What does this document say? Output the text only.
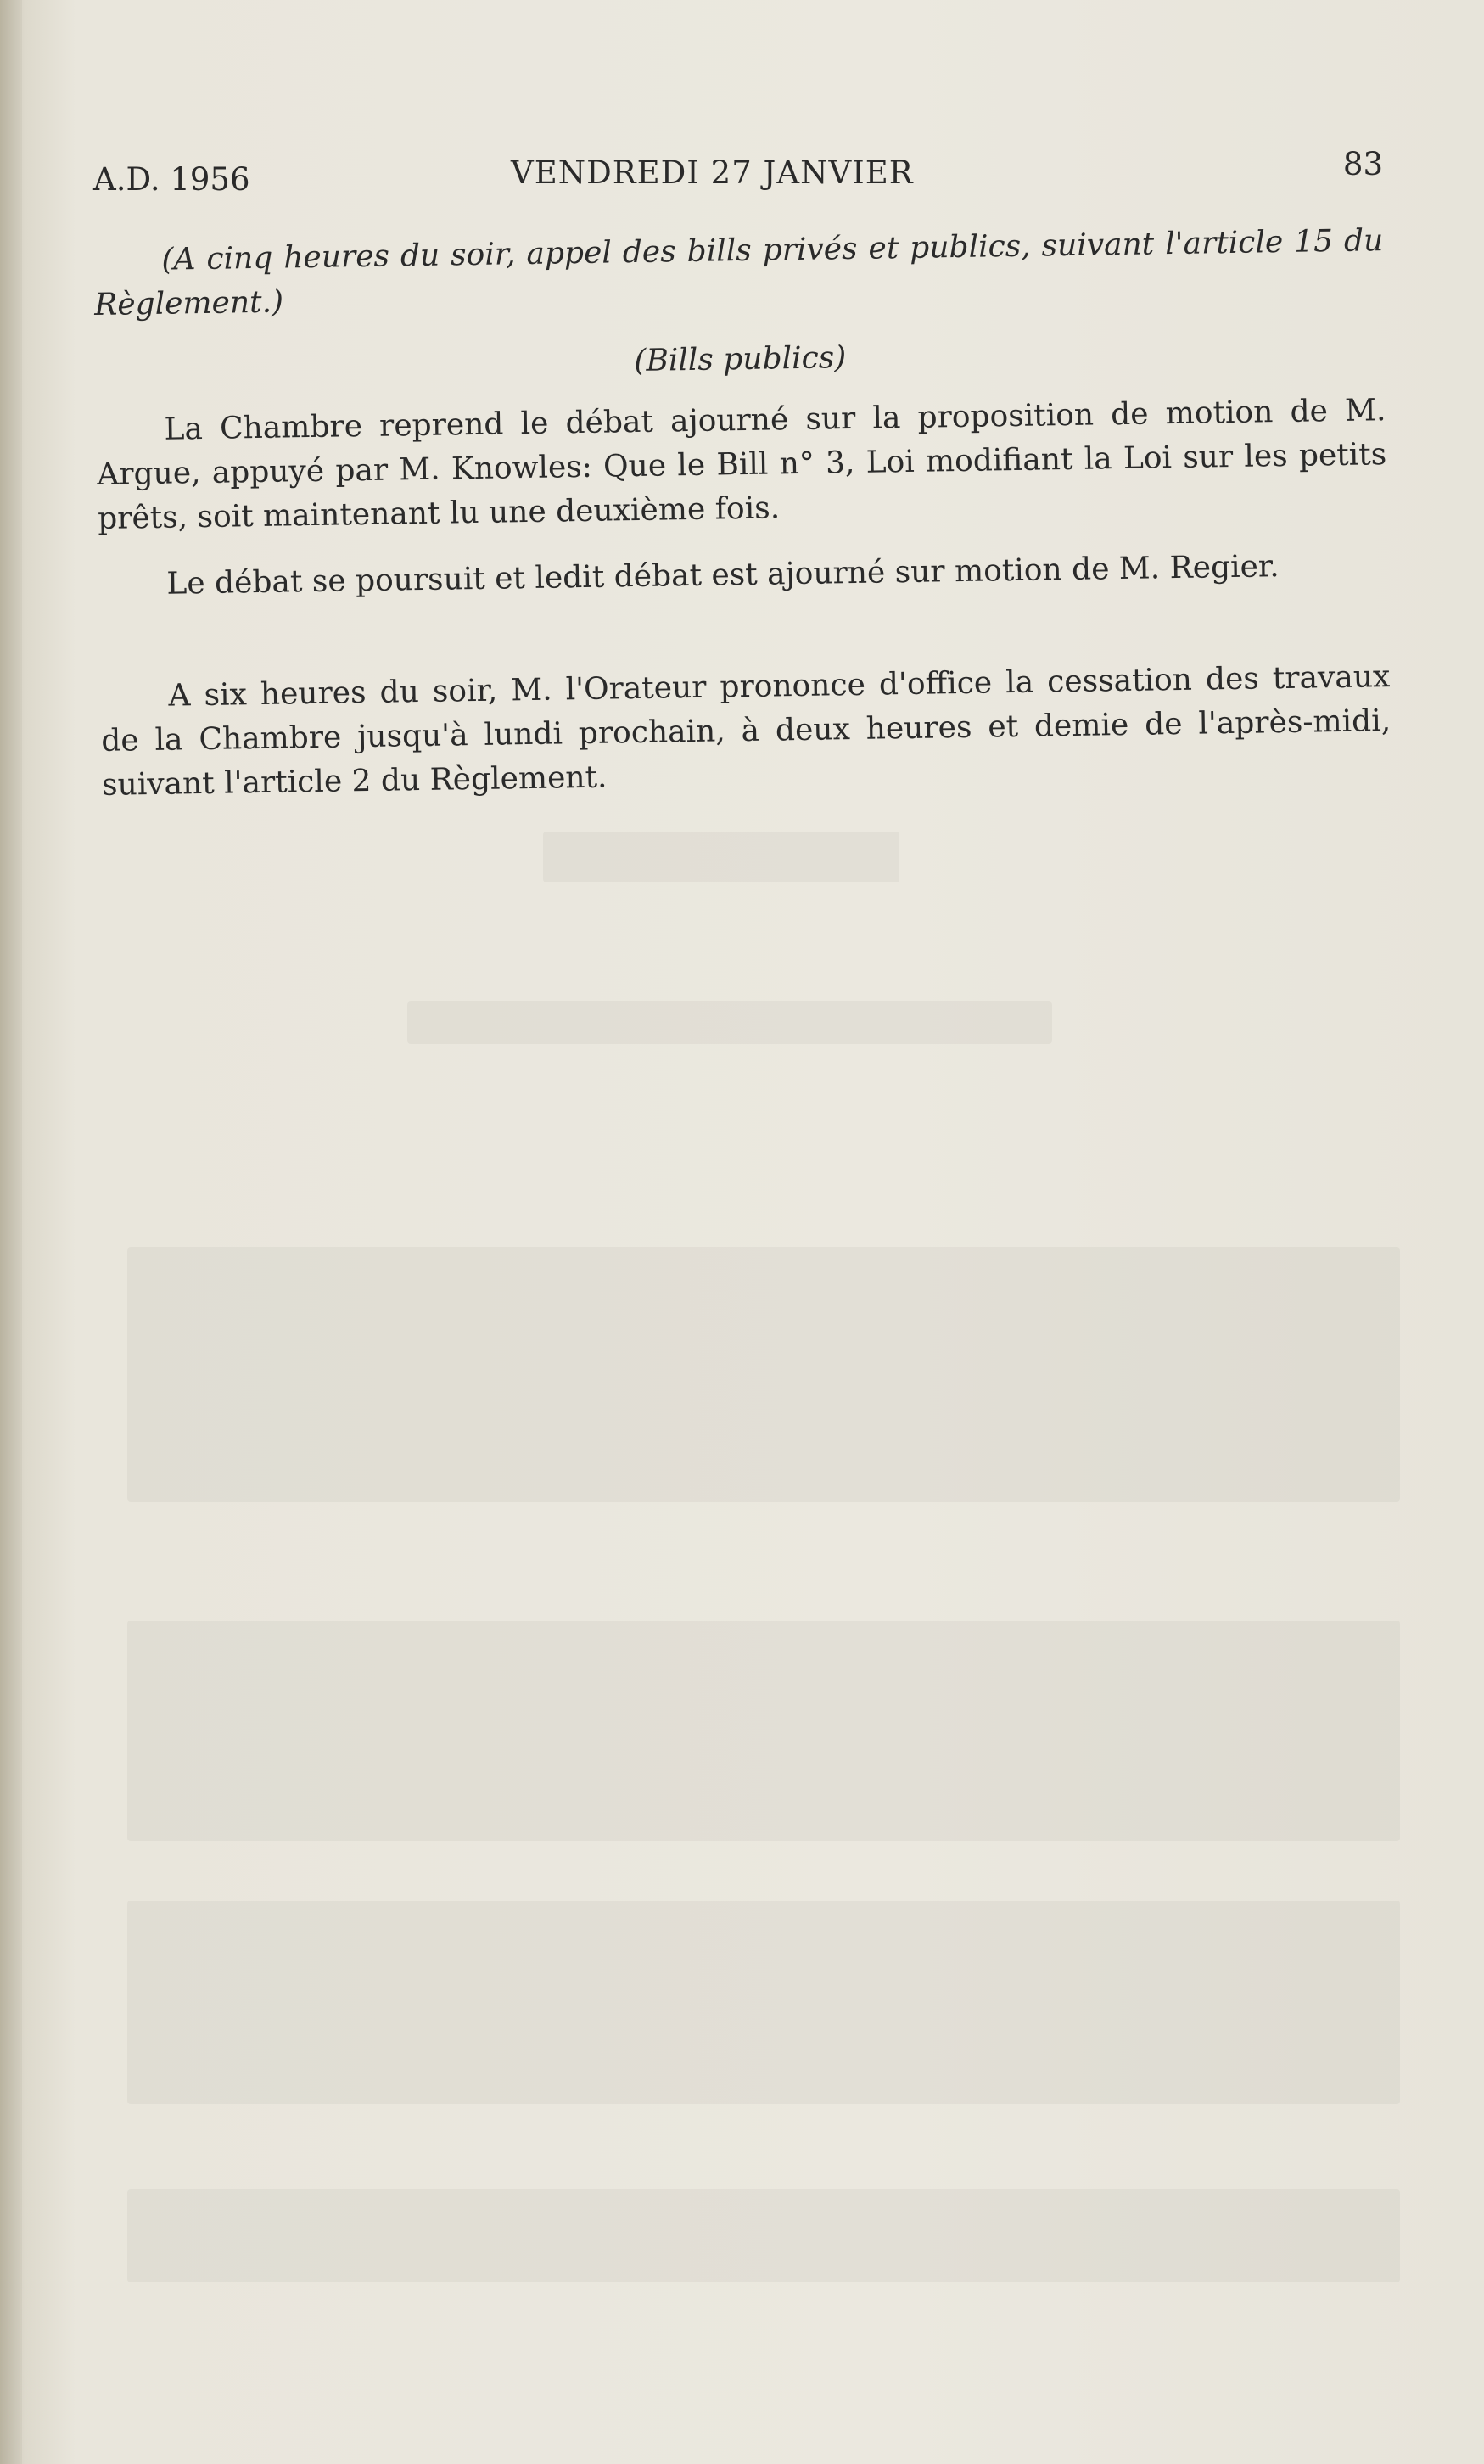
A.D. 1956	VENDREDI 27 JANVIER	83

(A cinq heures du soir, appel des bills privés et publics, suivant l'article 15 du Règlement.)

(Bills publics)

La Chambre reprend le débat ajourné sur la proposition de motion de M. Argue, appuyé par M. Knowles: Que le Bill n° 3, Loi modifiant la Loi sur les petits prêts, soit maintenant lu une deuxième fois.

Le débat se poursuit et ledit débat est ajourné sur motion de M. Regier.

A six heures du soir, M. l'Orateur prononce d'office la cessation des travaux de la Chambre jusqu'à lundi prochain, à deux heures et demie de l'après-midi, suivant l'article 2 du Règlement.
